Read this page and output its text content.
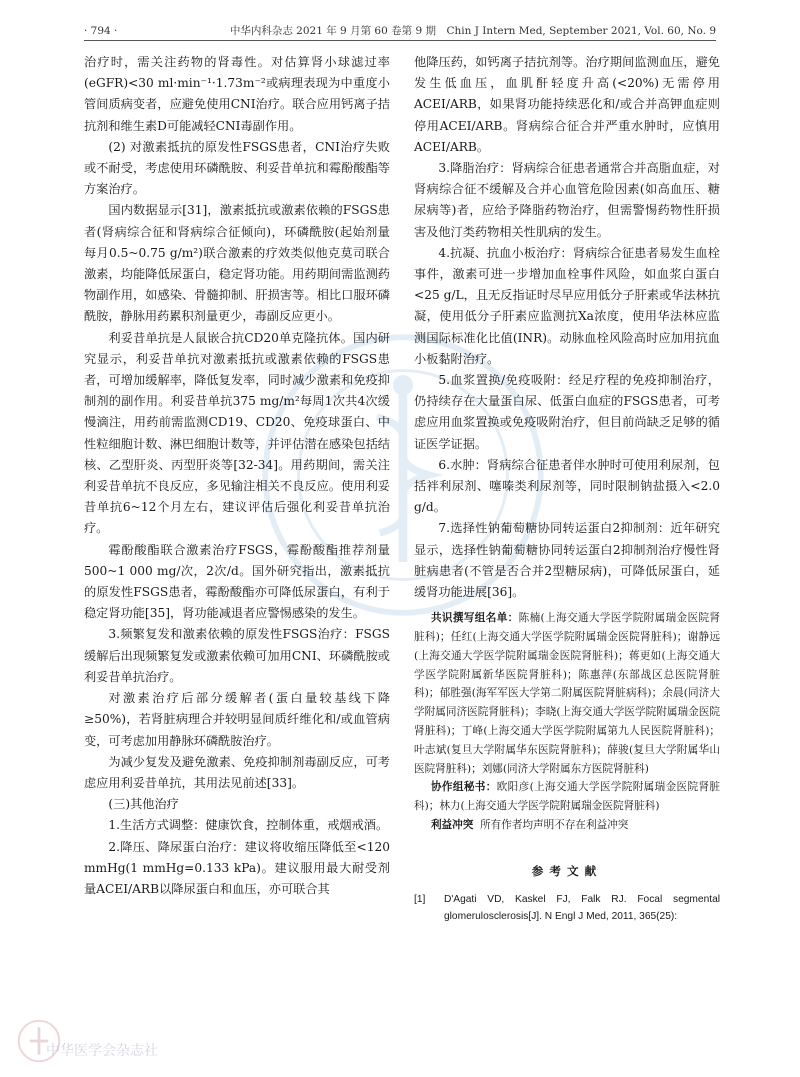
· 794 ·	中华内科杂志 2021 年 9 月第 60 卷第 9 期　Chin J Intern Med, September 2021, Vol. 60, No. 9

治疗时，需关注药物的肾毒性。对估算肾小球滤过率(eGFR)<30 ml·min⁻¹·1.73m⁻²或病理表现为中重度小管间质病变者，应避免使用CNI治疗。联合应用钙离子拮抗剂和维生素D可能减轻CNI毒副作用。

(2) 对激素抵抗的原发性FSGS患者，CNI治疗失败或不耐受，考虑使用环磷酰胺、利妥昔单抗和霉酚酸酯等方案治疗。

国内数据显示[31]，激素抵抗或激素依赖的FSGS患者(肾病综合征和肾病综合征倾向)，环磷酰胺(起始剂量每月0.5~0.75 g/m²)联合激素的疗效类似他克莫司联合激素，均能降低尿蛋白，稳定肾功能。用药期间需监测药物副作用，如感染、骨髓抑制、肝损害等。相比口服环磷酰胺，静脉用药累积剂量更少，毒副反应更小。

利妥昔单抗是人鼠嵌合抗CD20单克隆抗体。国内研究显示，利妥昔单抗对激素抵抗或激素依赖的FSGS患者，可增加缓解率，降低复发率，同时减少激素和免疫抑制剂的副作用。利妥昔单抗375 mg/m²每周1次共4次缓慢滴注，用药前需监测CD19、CD20、免疫球蛋白、中性粒细胞计数、淋巴细胞计数等，并评估潜在感染包括结核、乙型肝炎、丙型肝炎等[32-34]。用药期间，需关注利妥昔单抗不良反应，多见输注相关不良反应。使用利妥昔单抗6~12个月左右，建议评估后强化利妥昔单抗治疗。

霉酚酸酯联合激素治疗FSGS，霉酚酸酯推荐剂量500~1 000 mg/次，2次/d。国外研究指出，激素抵抗的原发性FSGS患者，霉酚酸酯亦可降低尿蛋白，有利于稳定肾功能[35]，肾功能减退者应警惕感染的发生。

3.频繁复发和激素依赖的原发性FSGS治疗：FSGS缓解后出现频繁复发或激素依赖可加用CNI、环磷酰胺或利妥昔单抗治疗。

对激素治疗后部分缓解者(蛋白量较基线下降≥50%)，若肾脏病理合并较明显间质纤维化和/或血管病变，可考虑加用静脉环磷酰胺治疗。

为减少复发及避免激素、免疫抑制剂毒副反应，可考虑应用利妥昔单抗，其用法见前述[33]。

(三)其他治疗

1.生活方式调整：健康饮食，控制体重，戒烟戒酒。

2.降压、降尿蛋白治疗：建议将收缩压降低至<120 mmHg(1 mmHg=0.133 kPa)。建议服用最大耐受剂量ACEI/ARB以降尿蛋白和血压，亦可联合其

他降压药，如钙离子拮抗剂等。治疗期间监测血压，避免发生低血压，血肌酐轻度升高(<20%)无需停用ACEI/ARB，如果肾功能持续恶化和/或合并高钾血症则停用ACEI/ARB。肾病综合征合并严重水肿时，应慎用ACEI/ARB。

3.降脂治疗：肾病综合征患者通常合并高脂血症，对肾病综合征不缓解及合并心血管危险因素(如高血压、糖尿病等)者，应给予降脂药物治疗，但需警惕药物性肝损害及他汀类药物相关性肌病的发生。

4.抗凝、抗血小板治疗：肾病综合征患者易发生血栓事件，激素可进一步增加血栓事件风险，如血浆白蛋白<25 g/L，且无反指证时尽早应用低分子肝素或华法林抗凝，使用低分子肝素应监测抗Xa浓度，使用华法林应监测国际标准化比值(INR)。动脉血栓风险高时应加用抗血小板黏附治疗。

5.血浆置换/免疫吸附：经足疗程的免疫抑制治疗，仍持续存在大量蛋白尿、低蛋白血症的FSGS患者，可考虑应用血浆置换或免疫吸附治疗，但目前尚缺乏足够的循证医学证据。

6.水肿：肾病综合征患者伴水肿时可使用利尿剂，包括袢利尿剂、噻嗪类利尿剂等，同时限制钠盐摄入<2.0 g/d。

7.选择性钠葡萄糖协同转运蛋白2抑制剂：近年研究显示，选择性钠葡萄糖协同转运蛋白2抑制剂治疗慢性肾脏病患者(不管是否合并2型糖尿病)，可降低尿蛋白，延缓肾功能进展[36]。

共识撰写组名单：陈楠(上海交通大学医学院附属瑞金医院肾脏科)；任红(上海交通大学医学院附属瑞金医院肾脏科)；谢静远(上海交通大学医学院附属瑞金医院肾脏科)；蒋更如(上海交通大学医学院附属新华医院肾脏科)；陈惠萍(东部战区总医院肾脏科)；郁胜强(海军军医大学第二附属医院肾脏病科)；余晨(同济大学附属同济医院肾脏科)；李晓(上海交通大学医学院附属瑞金医院肾脏科)；丁峰(上海交通大学医学院附属第九人民医院肾脏科)；叶志斌(复旦大学附属华东医院肾脏科)；薛骏(复旦大学附属华山医院肾脏科)；刘娜(同济大学附属东方医院肾脏科)

协作组秘书：欧阳彦(上海交通大学医学院附属瑞金医院肾脏科)；林力(上海交通大学医学院附属瑞金医院肾脏科)

利益冲突 所有作者均声明不存在利益冲突

参考文献
[1]	D'Agati VD, Kaskel FJ, Falk RJ. Focal segmental glomerulosclerosis[J]. N Engl J Med, 2011, 365(25):
中华医学会杂志社
